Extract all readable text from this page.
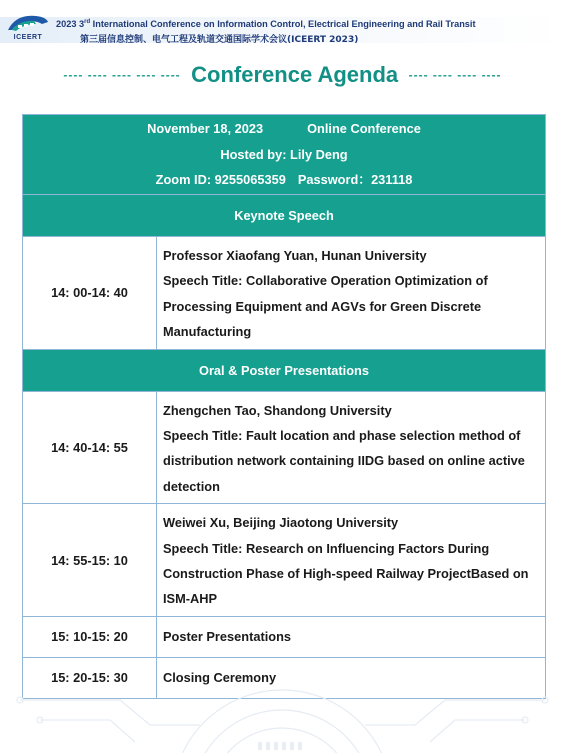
ICEERT
2023 3rd International Conference on Information Control, Electrical Engineering and Rail Transit
第三届信息控制、电气工程及轨道交通国际学术会议(ICEERT 2023)
---- ---- ---- ---- ---- Conference Agenda ---- ---- ---- ----
November 18, 2023 Online Conference
Hosted by: Lily Deng
Zoom ID: 9255065359 Password：231118	

Keynote Speech	
14: 00-14: 40	Professor Xiaofang Yuan, Hunan University
Speech Title: Collaborative Operation Optimization of Processing Equipment and AGVs for Green Discrete Manufacturing

Oral & Poster Presentations	
14: 40-14: 55	Zhengchen Tao, Shandong University
Speech Title: Fault location and phase selection method of distribution network containing IIDG based on online active detection

14: 55-15: 10	Weiwei Xu, Beijing Jiaotong University
Speech Title: Research on Influencing Factors During Construction Phase of High-speed Railway ProjectBased on ISM-AHP

15: 10-15: 20	Poster Presentations
15: 20-15: 30	Closing Ceremony
